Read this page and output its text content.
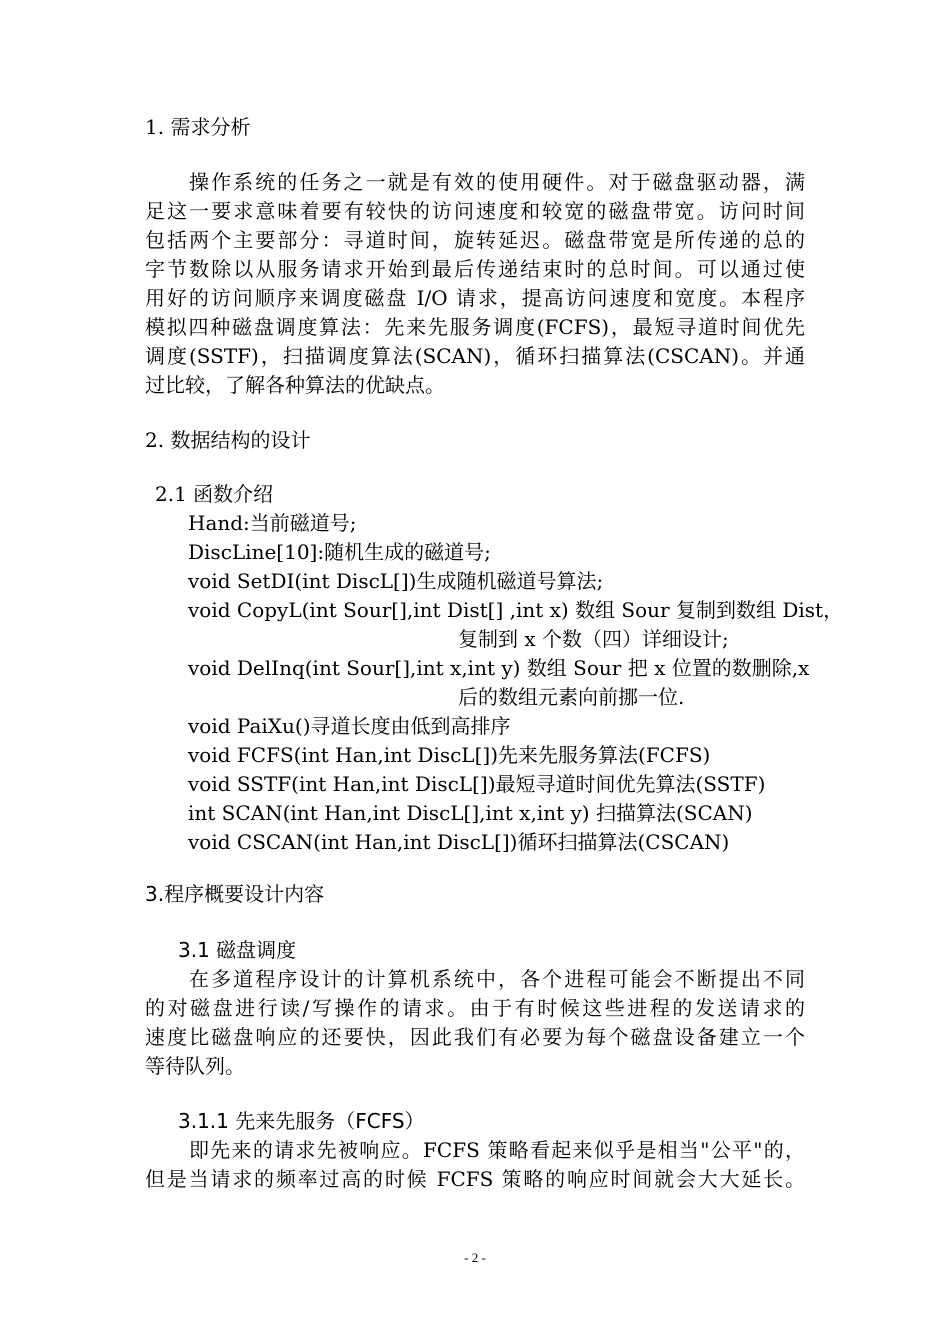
1. 需求分析
操作系统的任务之一就是有效的使用硬件。对于磁盘驱动器，满
足这一要求意味着要有较快的访问速度和较宽的磁盘带宽。访问时间
包括两个主要部分：寻道时间，旋转延迟。磁盘带宽是所传递的总的
字节数除以从服务请求开始到最后传递结束时的总时间。可以通过使
用好的访问顺序来调度磁盘 I/O 请求，提高访问速度和宽度。本程序
模拟四种磁盘调度算法：先来先服务调度(FCFS)，最短寻道时间优先
调度(SSTF)，扫描调度算法(SCAN)，循环扫描算法(CSCAN)。并通
过比较，了解各种算法的优缺点。
2. 数据结构的设计
2.1 函数介绍
Hand:当前磁道号;
DiscLine[10]:随机生成的磁道号;
void SetDI(int DiscL[])生成随机磁道号算法;
void CopyL(int Sour[],int Dist[] ,int x) 数组 Sour 复制到数组 Dist，
复制到 x 个数（四）详细设计;
void DelInq(int Sour[],int x,int y) 数组 Sour 把 x 位置的数删除,x
后的数组元素向前挪一位.
void PaiXu()寻道长度由低到高排序
void FCFS(int Han,int DiscL[])先来先服务算法(FCFS)
void SSTF(int Han,int DiscL[])最短寻道时间优先算法(SSTF)
int SCAN(int Han,int DiscL[],int x,int y) 扫描算法(SCAN)
void CSCAN(int Han,int DiscL[])循环扫描算法(CSCAN)
3.程序概要设计内容
3.1 磁盘调度
在多道程序设计的计算机系统中，各个进程可能会不断提出不同
的对磁盘进行读/写操作的请求。由于有时候这些进程的发送请求的
速度比磁盘响应的还要快，因此我们有必要为每个磁盘设备建立一个
等待队列。
3.1.1 先来先服务（FCFS）
即先来的请求先被响应。FCFS 策略看起来似乎是相当"公平"的，
但是当请求的频率过高的时候 FCFS 策略的响应时间就会大大延长。
- 2 -
